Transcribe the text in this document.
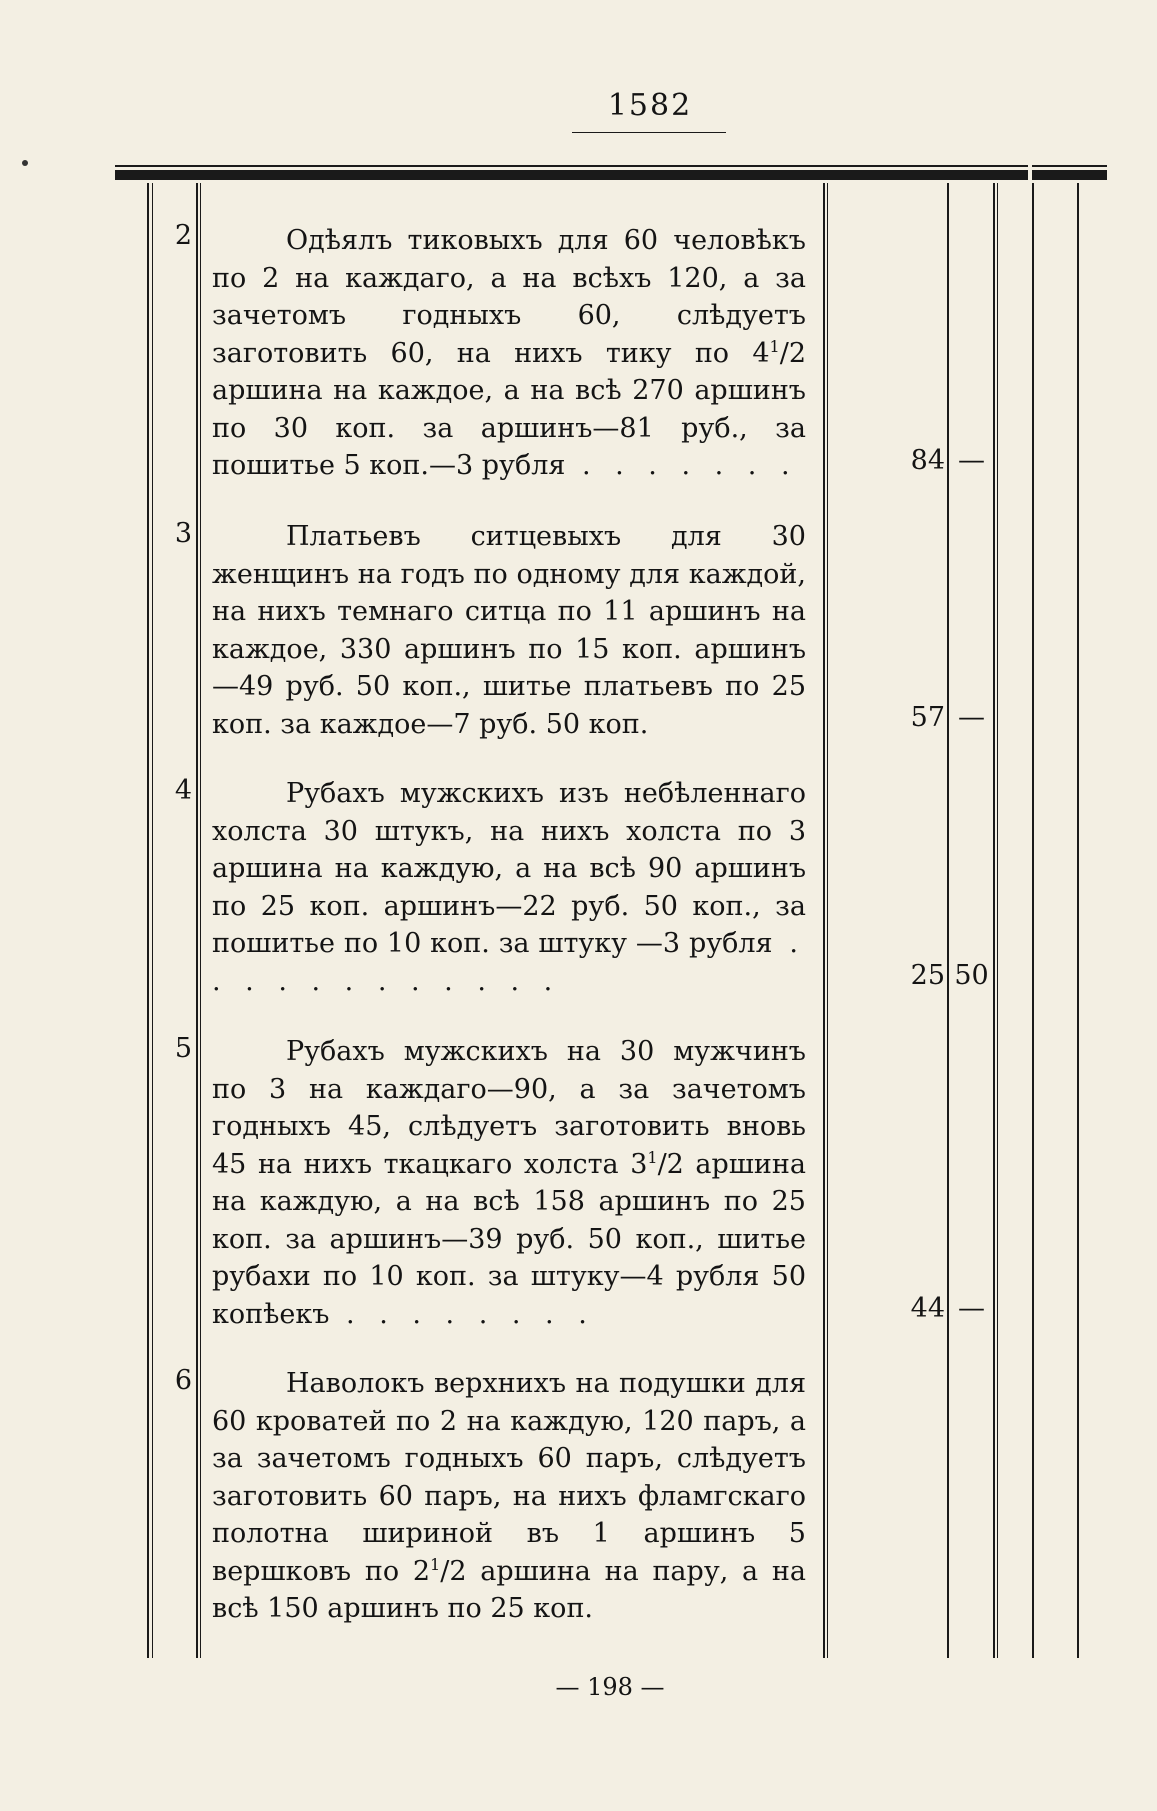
1582
2	Одѣялъ тиковыхъ для 60 человѣкъ по 2 на каждаго, а на всѣхъ 120, а за зачетомъ годныхъ 60, слѣдуетъ заготовить 60, на нихъ тику по $4^1/2$ аршина на каждое, а на всѣ 270 аршинъ по 30 коп. за аршинъ—81 руб., за пошитье 5 коп.—3 рубля . . . . . . .	84 —
3	Платьевъ ситцевыхъ для 30 женщинъ на годъ по одному для каждой, на нихъ темнаго ситца по 11 аршинъ на каждое, 330 аршинъ по 15 коп. аршинъ—49 руб. 50 коп., шитье платьевъ по 25 коп. за каждое—7 руб. 50 коп.	57 —
4	Рубахъ мужскихъ изъ небѣленнаго холста 30 штукъ, на нихъ холста по 3 аршина на каждую, а на всѣ 90 аршинъ по 25 коп. аршинъ—22 руб. 50 коп., за пошитье по 10 коп. за штуку —3 рубля . . . . . . . . . . . .	25 50
5	Рубахъ мужскихъ на 30 мужчинъ по 3 на каждаго—90, а за зачетомъ годныхъ 45, слѣдуетъ заготовить вновь 45 на нихъ ткацкаго холста $3^1/2$ аршина на каждую, а на всѣ 158 аршинъ по 25 коп. за аршинъ—39 руб. 50 коп., шитье рубахи по 10 коп. за штуку—4 рубля 50 копѣекъ . . . . . . . .	44 —
6	Наволокъ верхнихъ на подушки для 60 кроватей по 2 на каждую, 120 паръ, а за зачетомъ годныхъ 60 паръ, слѣдуетъ заготовить 60 паръ, на нихъ фламгскаго полотна шириной въ 1 аршинъ 5 вершковъ по $2^1/2$ аршина на пару, а на всѣ 150 аршинъ по 25 коп.

— 198 —
